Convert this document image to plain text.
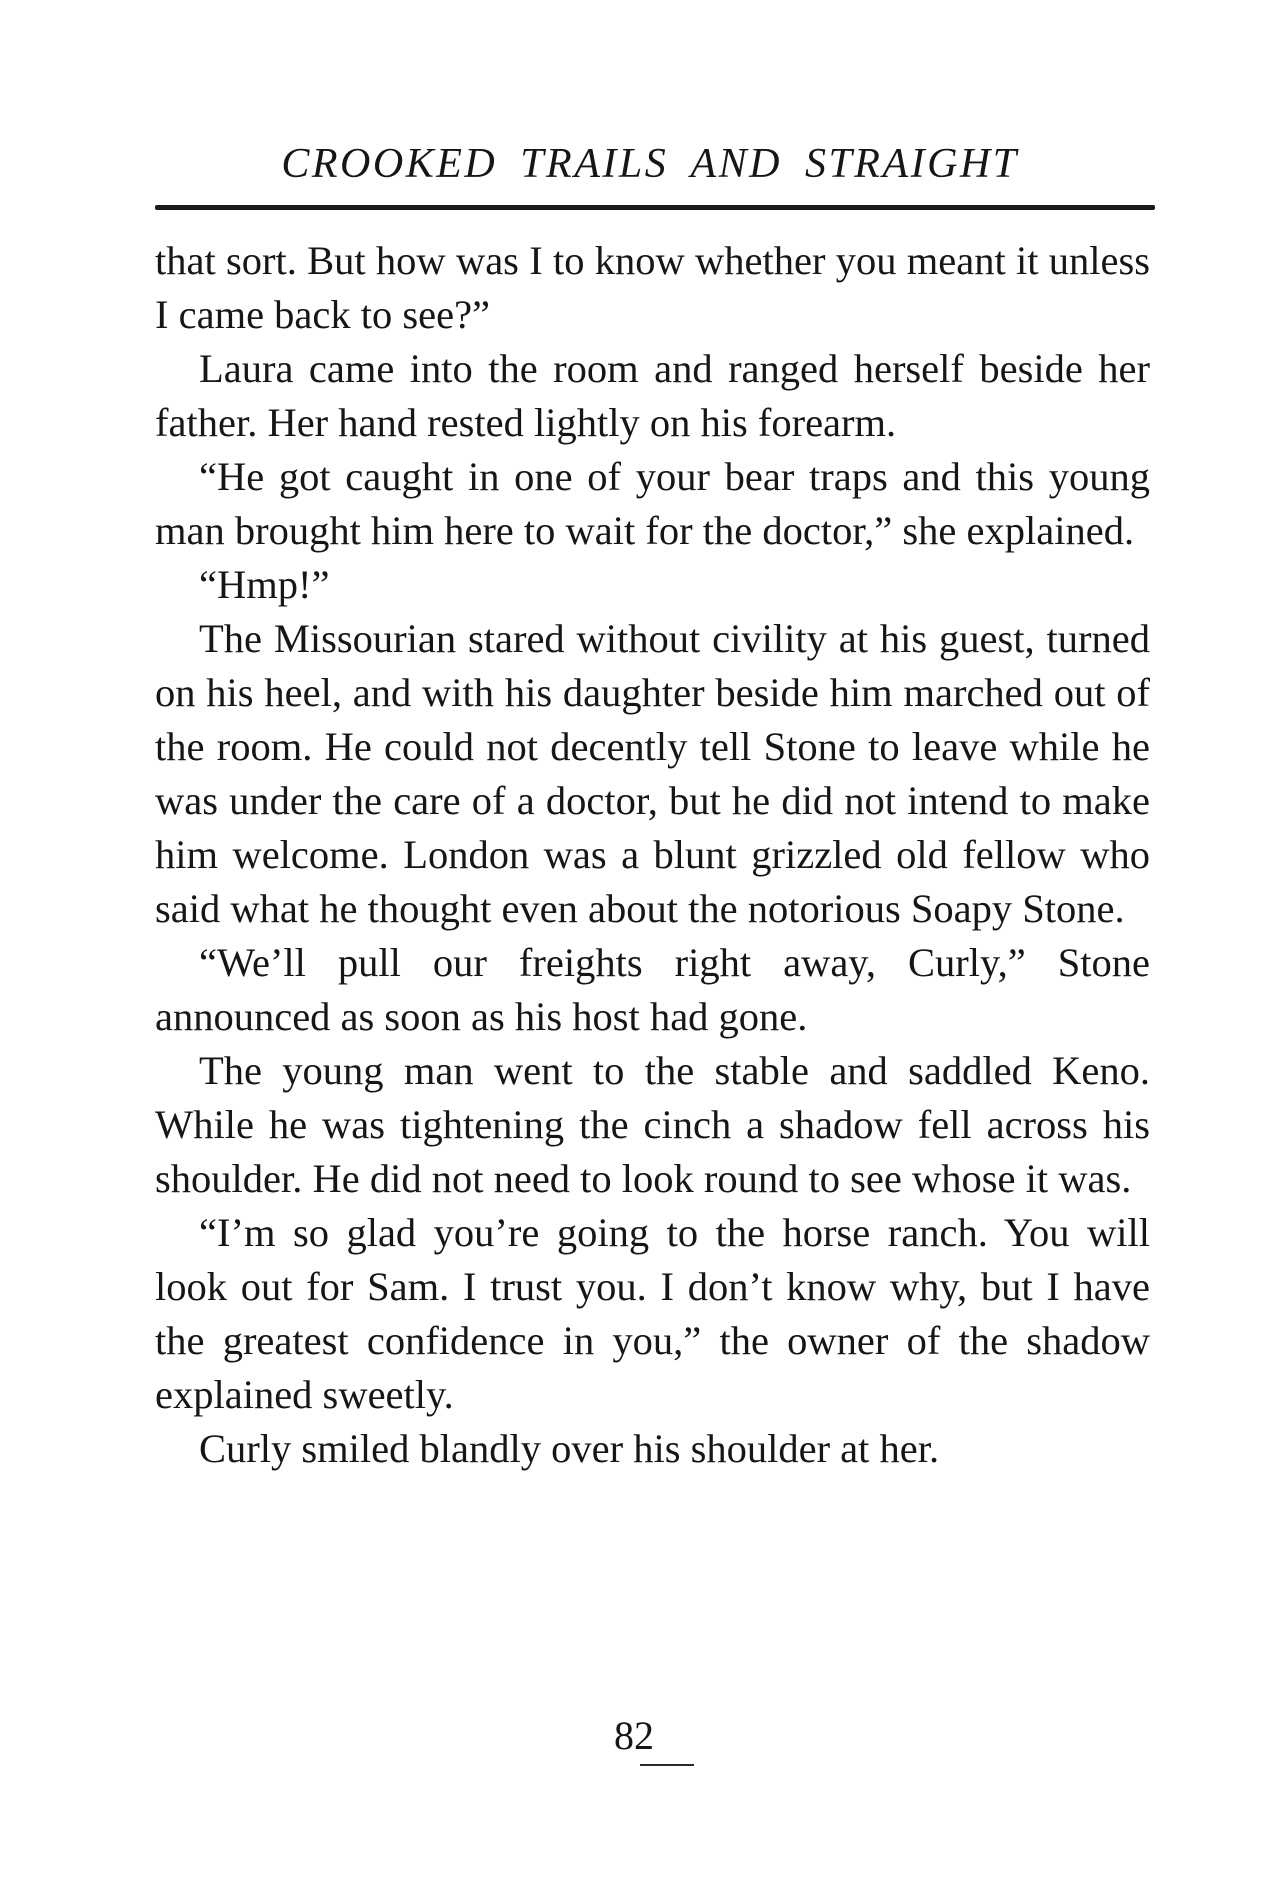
CROOKED TRAILS AND STRAIGHT

that sort. But how was I to know whether you meant it unless I came back to see?”

Laura came into the room and ranged herself beside her father. Her hand rested lightly on his forearm.

“He got caught in one of your bear traps and this young man brought him here to wait for the doctor,” she explained.

“Hmp!”

The Missourian stared without civility at his guest, turned on his heel, and with his daughter beside him marched out of the room. He could not decently tell Stone to leave while he was under the care of a doctor, but he did not intend to make him welcome. London was a blunt grizzled old fellow who said what he thought even about the notorious Soapy Stone.

“We’ll pull our freights right away, Curly,” Stone announced as soon as his host had gone.

The young man went to the stable and saddled Keno. While he was tightening the cinch a shadow fell across his shoulder. He did not need to look round to see whose it was.

“I’m so glad you’re going to the horse ranch. You will look out for Sam. I trust you. I don’t know why, but I have the greatest confidence in you,” the owner of the shadow explained sweetly.

Curly smiled blandly over his shoulder at her.

82
